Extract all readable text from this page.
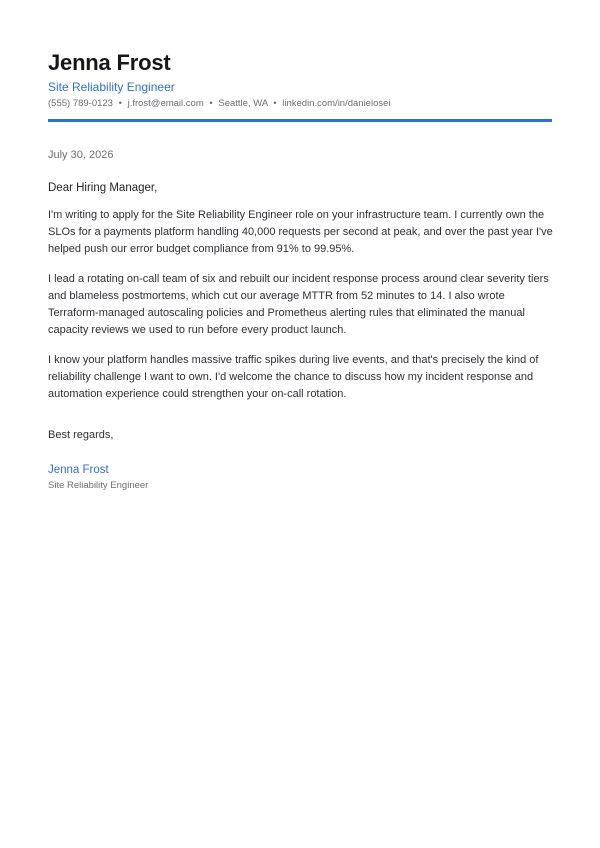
Jenna Frost
Site Reliability Engineer
(555) 789-0123 • j.frost@email.com • Seattle, WA • linkedin.com/in/danielosei
July 30, 2026
Dear Hiring Manager,
I'm writing to apply for the Site Reliability Engineer role on your infrastructure team. I currently own the SLOs for a payments platform handling 40,000 requests per second at peak, and over the past year I've helped push our error budget compliance from 91% to 99.95%.
I lead a rotating on-call team of six and rebuilt our incident response process around clear severity tiers and blameless postmortems, which cut our average MTTR from 52 minutes to 14. I also wrote Terraform-managed autoscaling policies and Prometheus alerting rules that eliminated the manual capacity reviews we used to run before every product launch.
I know your platform handles massive traffic spikes during live events, and that's precisely the kind of reliability challenge I want to own. I'd welcome the chance to discuss how my incident response and automation experience could strengthen your on-call rotation.
Best regards,
Jenna Frost
Site Reliability Engineer
